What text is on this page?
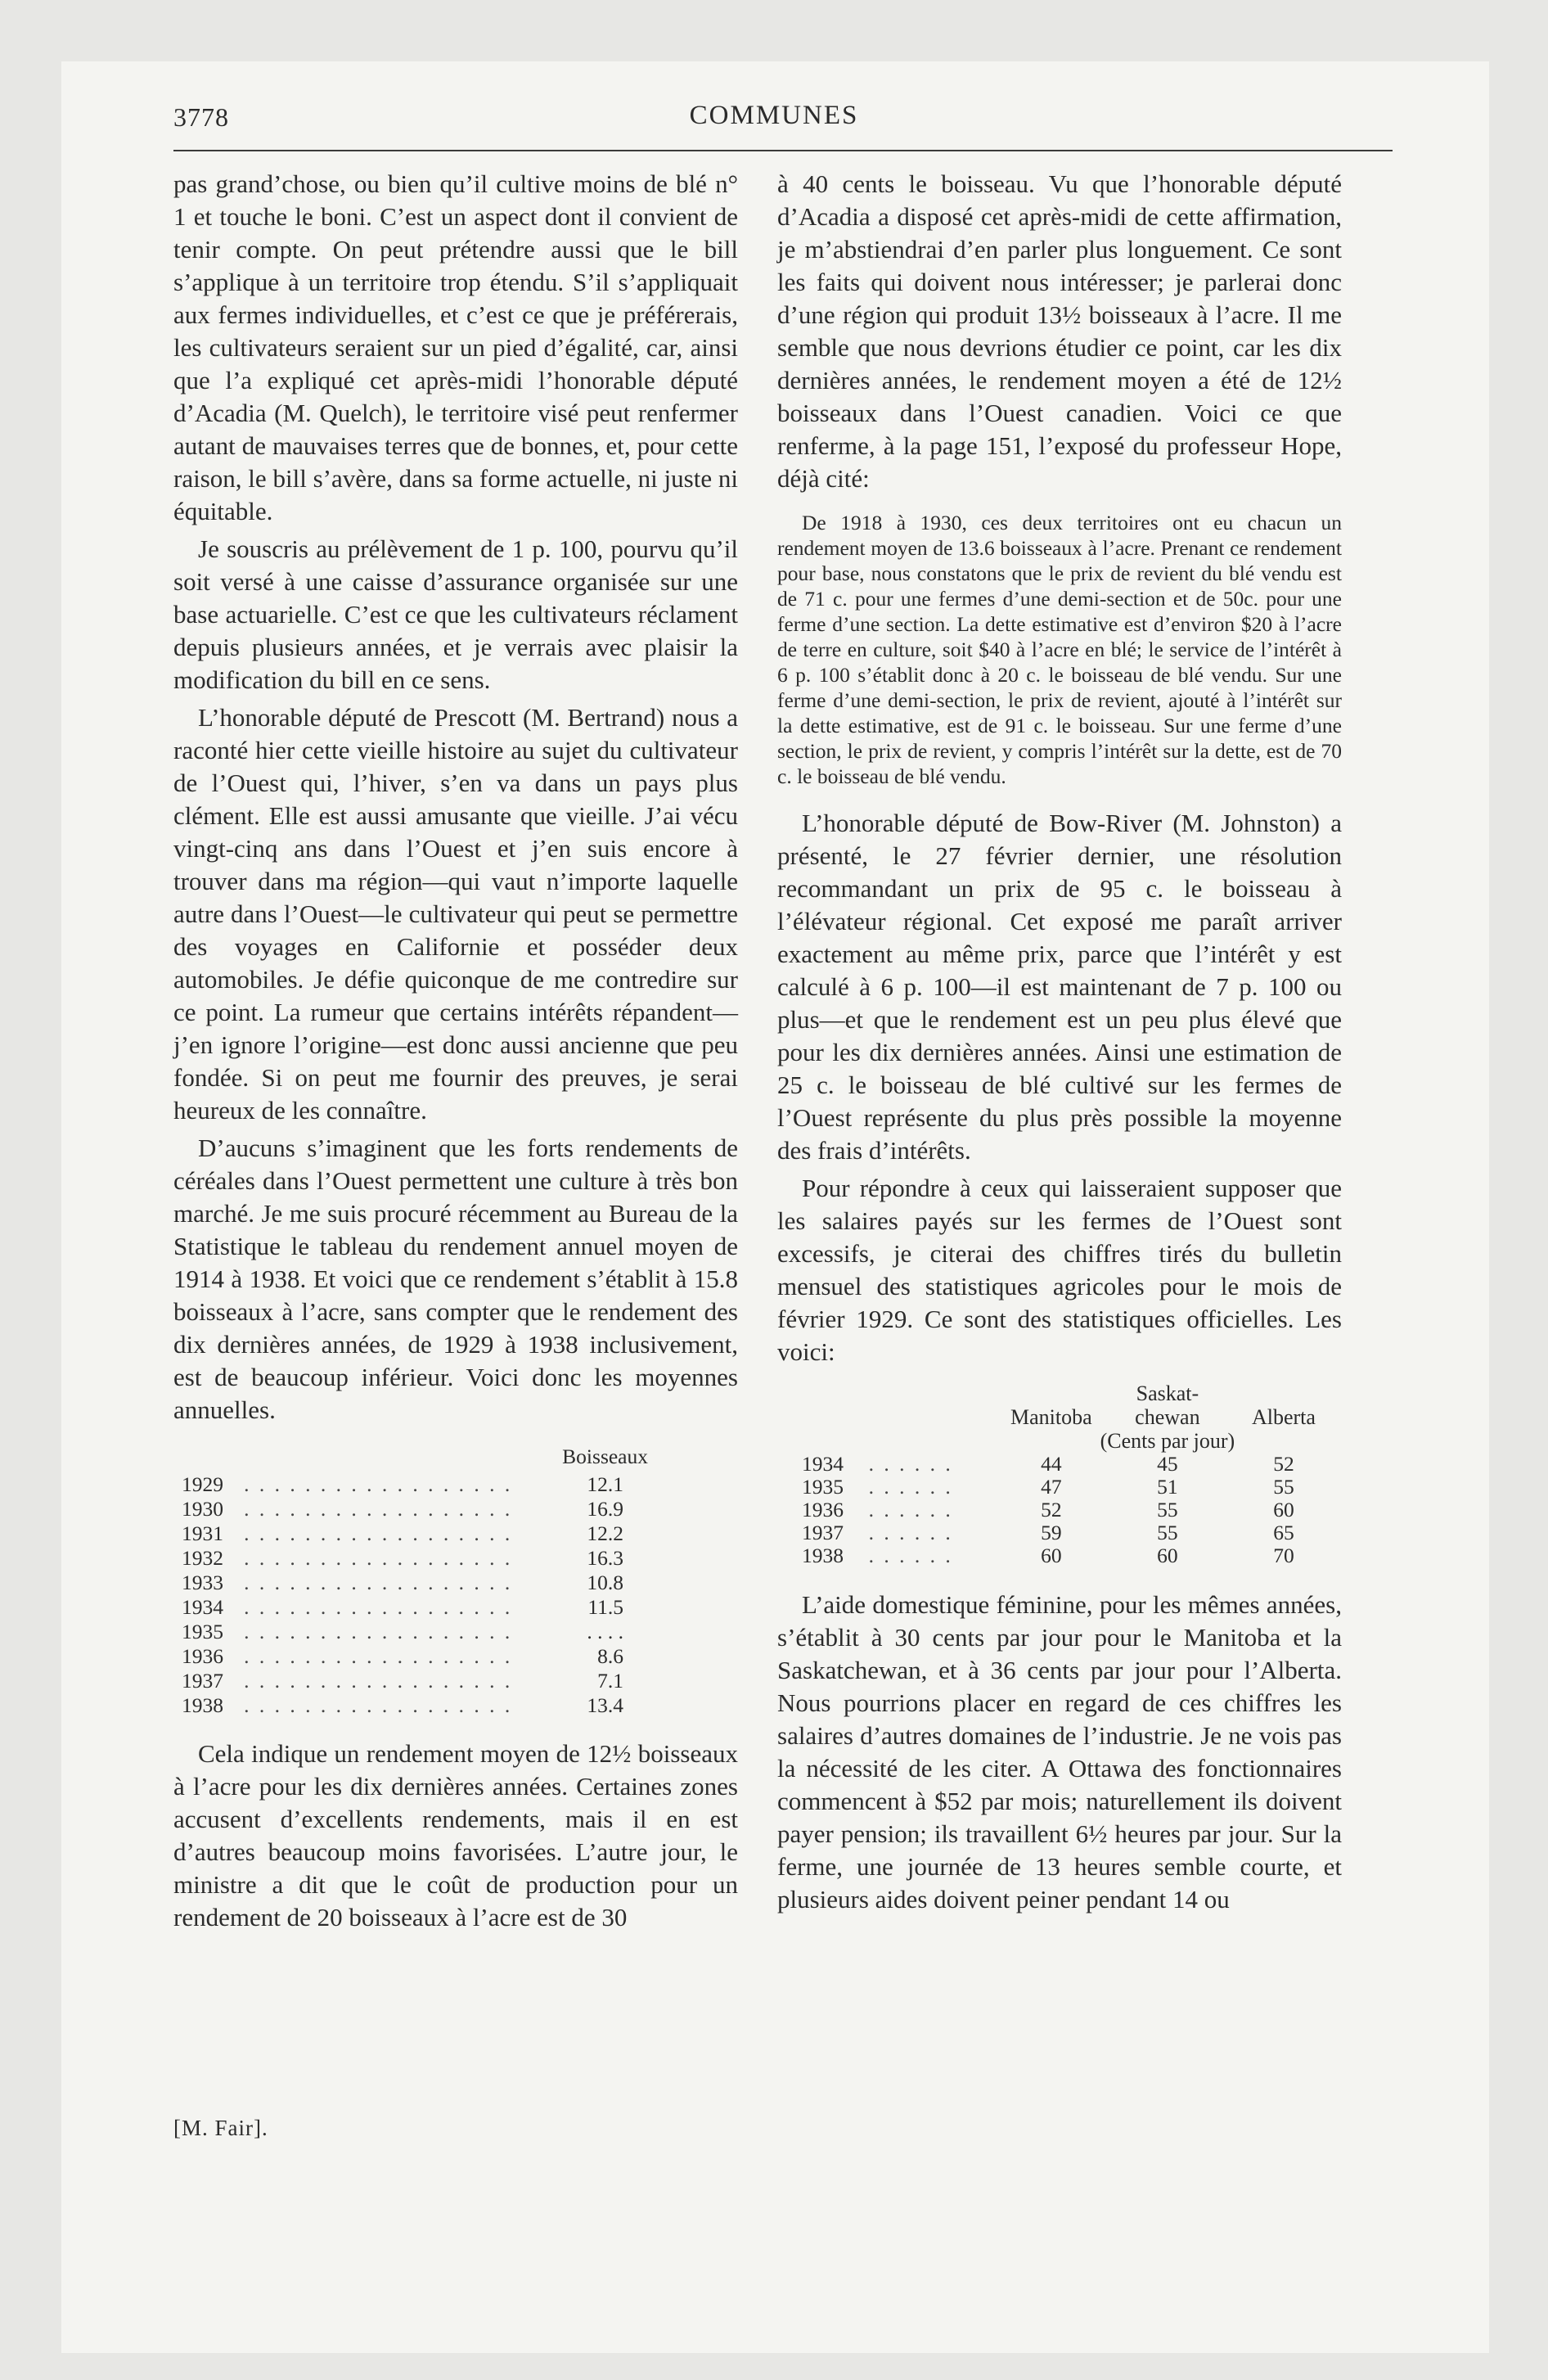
3778	COMMUNES

pas grand’chose, ou bien qu’il cultive moins de blé n° 1 et touche le boni. C’est un aspect dont il convient de tenir compte. On peut prétendre aussi que le bill s’applique à un territoire trop étendu. S’il s’appliquait aux fermes individuelles, et c’est ce que je préférerais, les cultivateurs seraient sur un pied d’égalité, car, ainsi que l’a expliqué cet après-midi l’honorable député d’Acadia (M. Quelch), le territoire visé peut renfermer autant de mauvaises terres que de bonnes, et, pour cette raison, le bill s’avère, dans sa forme actuelle, ni juste ni équitable.

Je souscris au prélèvement de 1 p. 100, pourvu qu’il soit versé à une caisse d’assurance organisée sur une base actuarielle. C’est ce que les cultivateurs réclament depuis plusieurs années, et je verrais avec plaisir la modification du bill en ce sens.

L’honorable député de Prescott (M. Bertrand) nous a raconté hier cette vieille histoire au sujet du cultivateur de l’Ouest qui, l’hiver, s’en va dans un pays plus clément. Elle est aussi amusante que vieille. J’ai vécu vingt-cinq ans dans l’Ouest et j’en suis encore à trouver dans ma région—qui vaut n’importe laquelle autre dans l’Ouest—le cultivateur qui peut se permettre des voyages en Californie et posséder deux automobiles. Je défie quiconque de me contredire sur ce point. La rumeur que certains intérêts répandent—j’en ignore l’origine—est donc aussi ancienne que peu fondée. Si on peut me fournir des preuves, je serai heureux de les connaître.

D’aucuns s’imaginent que les forts rendements de céréales dans l’Ouest permettent une culture à très bon marché. Je me suis procuré récemment au Bureau de la Statistique le tableau du rendement annuel moyen de 1914 à 1938. Et voici que ce rendement s’établit à 15.8 boisseaux à l’acre, sans compter que le rendement des dix dernières années, de 1929 à 1938 inclusivement, est de beaucoup inférieur. Voici donc les moyennes annuelles.

Boisseaux		
1929	. . . . . . . . . . . . . . . . . .	12.1
1930	. . . . . . . . . . . . . . . . . .	16.9
1931	. . . . . . . . . . . . . . . . . .	12.2
1932	. . . . . . . . . . . . . . . . . .	16.3
1933	. . . . . . . . . . . . . . . . . .	10.8
1934	. . . . . . . . . . . . . . . . . .	11.5
1935	. . . . . . . . . . . . . . . . . .	. . . .
1936	. . . . . . . . . . . . . . . . . .	8.6
1937	. . . . . . . . . . . . . . . . . .	7.1
1938	. . . . . . . . . . . . . . . . . .	13.4

Cela indique un rendement moyen de 12½ boisseaux à l’acre pour les dix dernières années. Certaines zones accusent d’excellents rendements, mais il en est d’autres beaucoup moins favorisées. L’autre jour, le ministre a dit que le coût de production pour un rendement de 20 boisseaux à l’acre est de 30

à 40 cents le boisseau. Vu que l’honorable député d’Acadia a disposé cet après-midi de cette affirmation, je m’abstiendrai d’en parler plus longuement. Ce sont les faits qui doivent nous intéresser; je parlerai donc d’une région qui produit 13½ boisseaux à l’acre. Il me semble que nous devrions étudier ce point, car les dix dernières années, le rendement moyen a été de 12½ boisseaux dans l’Ouest canadien. Voici ce que renferme, à la page 151, l’exposé du professeur Hope, déjà cité:

De 1918 à 1930, ces deux territoires ont eu chacun un rendement moyen de 13.6 boisseaux à l’acre. Prenant ce rendement pour base, nous constatons que le prix de revient du blé vendu est de 71 c. pour une fermes d’une demi-section et de 50c. pour une ferme d’une section. La dette estimative est d’environ $20 à l’acre de terre en culture, soit $40 à l’acre en blé; le service de l’intérêt à 6 p. 100 s’établit donc à 20 c. le boisseau de blé vendu. Sur une ferme d’une demi-section, le prix de revient, ajouté à l’intérêt sur la dette estimative, est de 91 c. le boisseau. Sur une ferme d’une section, le prix de revient, y compris l’intérêt sur la dette, est de 70 c. le boisseau de blé vendu.

L’honorable député de Bow-River (M. Johnston) a présenté, le 27 février dernier, une résolution recommandant un prix de 95 c. le boisseau à l’élévateur régional. Cet exposé me paraît arriver exactement au même prix, parce que l’intérêt y est calculé à 6 p. 100—il est maintenant de 7 p. 100 ou plus—et que le rendement est un peu plus élevé que pour les dix dernières années. Ainsi une estimation de 25 c. le boisseau de blé cultivé sur les fermes de l’Ouest représente du plus près possible la moyenne des frais d’intérêts.

Pour répondre à ceux qui laisseraient supposer que les salaires payés sur les fermes de l’Ouest sont excessifs, je citerai des chiffres tirés du bulletin mensuel des statistiques agricoles pour le mois de février 1929. Ce sont des statistiques officielles. Les voici:

			Saskat-	
		Manitoba	chewan	Alberta
		(Cents par jour)		
1934	. . . . . .	44	45	52
1935	. . . . . .	47	51	55
1936	. . . . . .	52	55	60
1937	. . . . . .	59	55	65
1938	. . . . . .	60	60	70

L’aide domestique féminine, pour les mêmes années, s’établit à 30 cents par jour pour le Manitoba et la Saskatchewan, et à 36 cents par jour pour l’Alberta. Nous pourrions placer en regard de ces chiffres les salaires d’autres domaines de l’industrie. Je ne vois pas la nécessité de les citer. A Ottawa des fonctionnaires commencent à $52 par mois; naturellement ils doivent payer pension; ils travaillent 6½ heures par jour. Sur la ferme, une journée de 13 heures semble courte, et plusieurs aides doivent peiner pendant 14 ou

[M. Fair].
